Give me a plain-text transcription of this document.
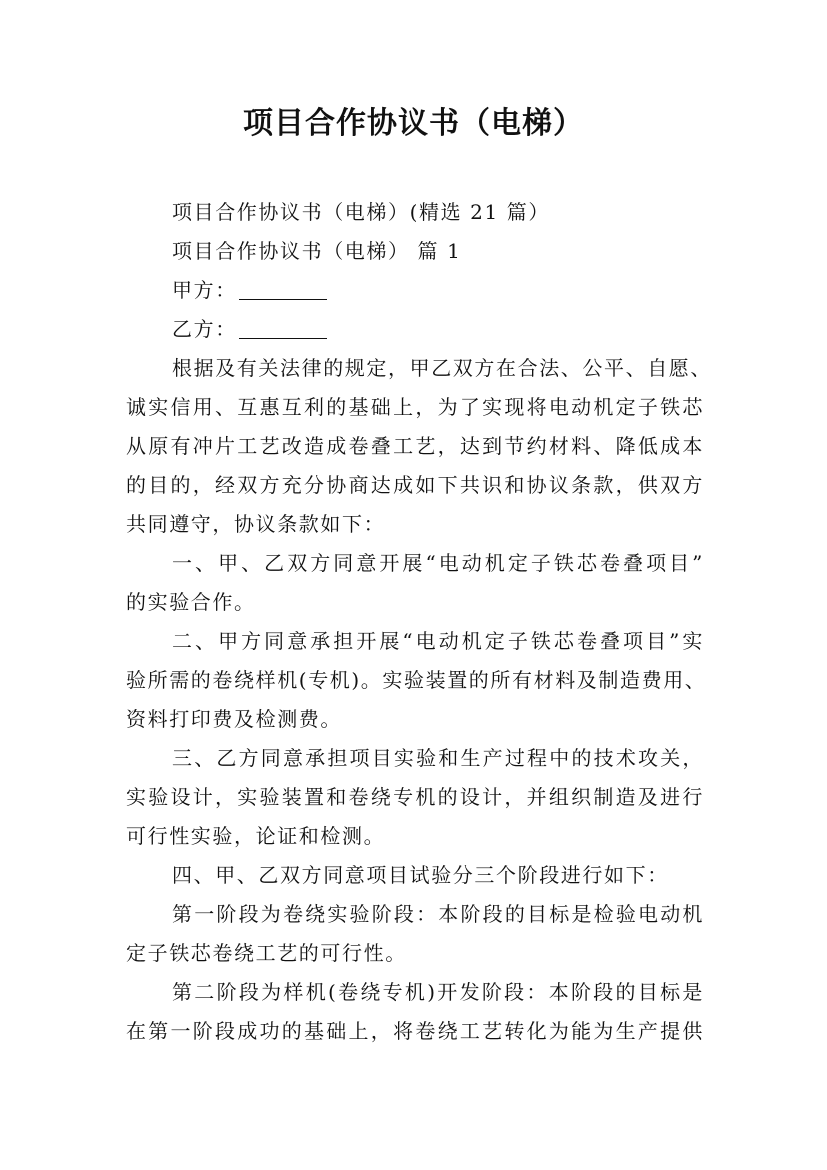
项目合作协议书（电梯）
项目合作协议书（电梯）(精选 21 篇）
项目合作协议书（电梯） 篇 1
甲方：
乙方：
根据及有关法律的规定，甲乙双方在合法、公平、自愿、
诚实信用、互惠互利的基础上，为了实现将电动机定子铁芯
从原有冲片工艺改造成卷叠工艺，达到节约材料、降低成本
的目的，经双方充分协商达成如下共识和协议条款，供双方
共同遵守，协议条款如下：
一、甲、乙双方同意开展“电动机定子铁芯卷叠项目”
的实验合作。
二、甲方同意承担开展“电动机定子铁芯卷叠项目”实
验所需的卷绕样机(专机)。实验装置的所有材料及制造费用、
资料打印费及检测费。
三、乙方同意承担项目实验和生产过程中的技术攻关，
实验设计，实验装置和卷绕专机的设计，并组织制造及进行
可行性实验，论证和检测。
四、甲、乙双方同意项目试验分三个阶段进行如下：
第一阶段为卷绕实验阶段：本阶段的目标是检验电动机
定子铁芯卷绕工艺的可行性。
第二阶段为样机(卷绕专机)开发阶段：本阶段的目标是
在第一阶段成功的基础上，将卷绕工艺转化为能为生产提供
